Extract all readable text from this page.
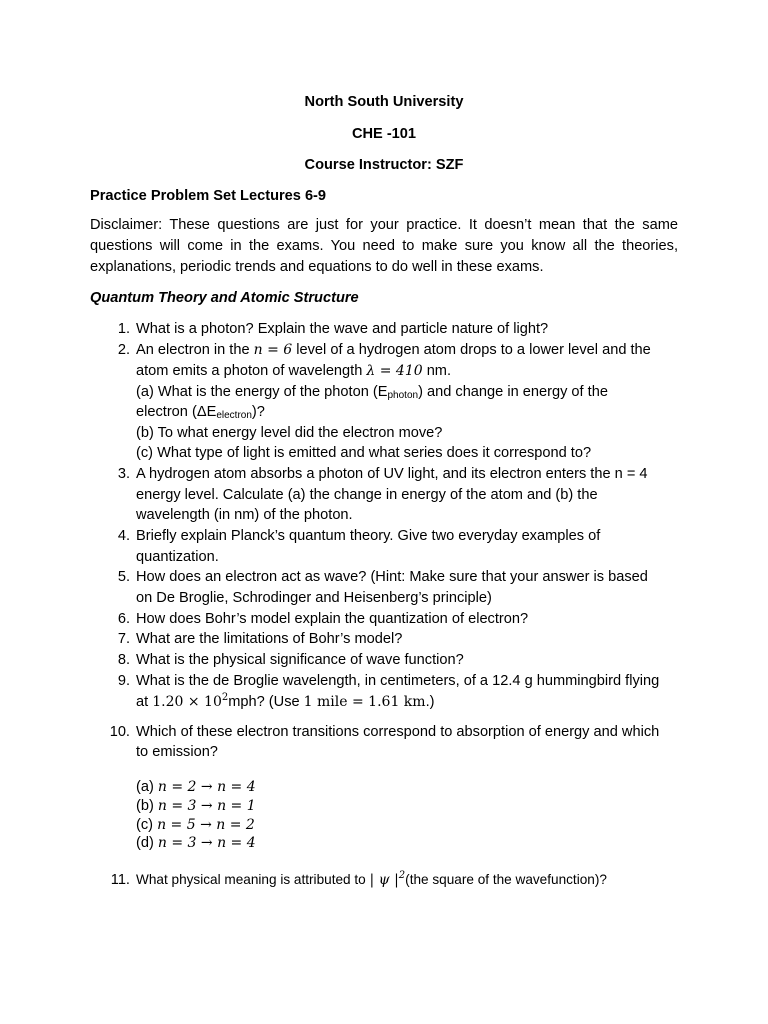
North South University
CHE -101
Course Instructor: SZF
Practice Problem Set Lectures 6-9
Disclaimer: These questions are just for your practice. It doesn’t mean that the same questions will come in the exams. You need to make sure you know all the theories, explanations, periodic trends and equations to do well in these exams.
Quantum Theory and Atomic Structure
1. What is a photon? Explain the wave and particle nature of light?
2. An electron in the n = 6 level of a hydrogen atom drops to a lower level and the
atom emits a photon of wavelength λ = 410 nm.
(a) What is the energy of the photon $(E_{photon})$ and change in energy of the
electron $(\Delta E_{electron})$?
(b) To what energy level did the electron move?
(c) What type of light is emitted and what series does it correspond to?
3. A hydrogen atom absorbs a photon of UV light, and its electron enters the n = 4
energy level. Calculate (a) the change in energy of the atom and (b) the
wavelength (in nm) of the photon.
4. Briefly explain Planck’s quantum theory. Give two everyday examples of
quantization.
5. How does an electron act as wave? (Hint: Make sure that your answer is based
on De Broglie, Schrodinger and Heisenberg’s principle)
6. How does Bohr’s model explain the quantization of electron?
7. What are the limitations of Bohr’s model?
8. What is the physical significance of wave function?
9. What is the de Broglie wavelength, in centimeters, of a 12.4 g hummingbird flying
at $1.20 \times 10^2mph$? (Use 1 mile = 1.61 km.)
10. Which of these electron transitions correspond to absorption of energy and which
to emission?
(a) n = 2 → n = 4
(b) n = 3 → n = 1
(c) n = 5 → n = 2
(d) n = 3 → n = 4
11. What physical meaning is attributed to | ψ $|^2(the$ square of the wavefunction)?
